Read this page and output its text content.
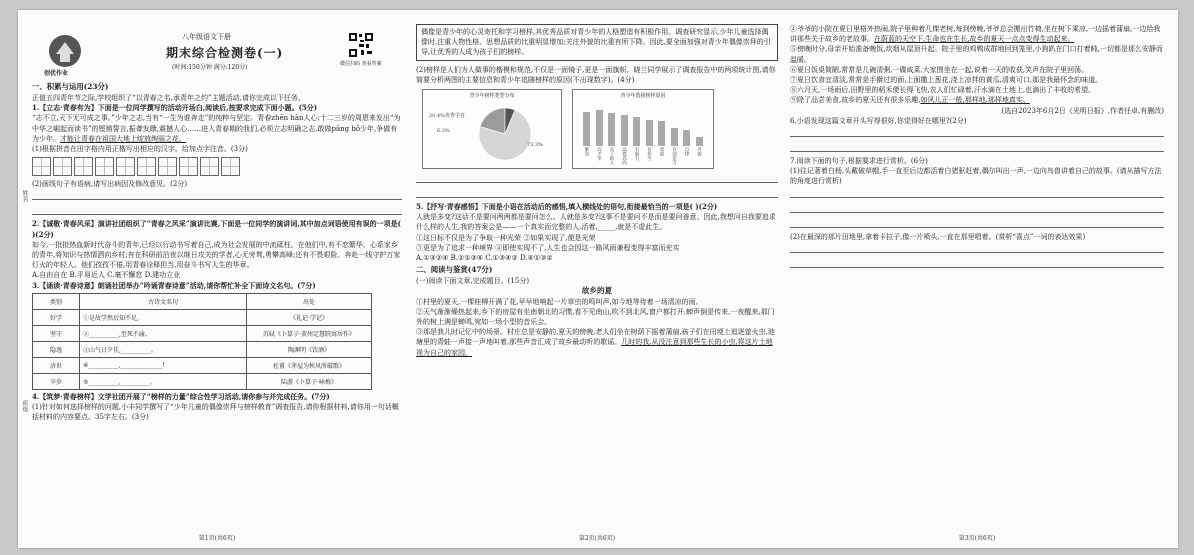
姓名
班级
创优作业
八年级语文下册
期末综合检测卷(一)
(时间:150分钟 满分:120分)	微信扫码 查看答案

一、积累与运用(23分)

正值五四青年节之际,学校组织了“以青春之名,承青年之约”主题活动,请你完成以下任务。

1.【立志·青春有为】下面是一位同学撰写的活动开场白,阅读后,按要求完成下面小题。(5分)

“志不立,天下无可成之事。”少年之志,当有“一生为谁奔走”的纯粹与坚定。青春zhēn hàn人心;十二三岁的周恩来发出“为中华之崛起而读书”的铿锵誓言,振聋发聩,震撼人心……进入青春期的我们,必须立志明确之志,敢做pāng bō少年,争做有为少年。才能让青春在祖国大地上绽放绚丽之花。

(1)根据拼音在田字格内用正楷写出相应的汉字。给加点字注音。(3分)

(2)画线句子有语病,请写出病因及修改意见。(2分)

2.【诚敬·青春风采】演讲社团组织了“青春之风采”演讲比赛,下面是一位同学的演讲词,其中加点词语使用有误的一项是( )(2分)

如今,一批批热血新时代奋斗的青年,已经以行动书写着自己,成为社会发展的中流砥柱。在他们中,有不恋繁华、心系家乡的青年,将知识与热情洒向乡村;有在科研前沿夜以继日攻关的学者,心无旁骛,勇攀高峰;还有不畏艰险、奔赴一线守护万家灯火的年轻人。他们孜孜不倦,用青春诠释担当,用奋斗书写人生的华章。

A.自由自在 B.平易近人 C.毫不懈怠 D.建功立业

3.【诵读·青春诗意】朗诵社团举办“吟诵青春诗意”活动,请你帮忙补全下面诗文名句。(7分)

类别	古诗文名句	出处
好学	①是故学然后知不足,	《礼记·学记》
坚守	②__________,至死不渝。	苏轼《卜算子·黄州定慧院寓居作》
隐逸	③山气日夕佳,__________。	陶渊明《饮酒》
济世	④__________,______________!	杜甫《茅屋为秋风所破歌》
卒岁	⑤__________,__________。	陆游《卜算子·咏梅》

4.【筑梦·青春榜样】文学社团开展了“榜样的力量”综合性学习活动,请你参与并完成任务。(7分)

(1)针对如何选择榜样的问题,小丰同学撰写了“少年儿童的偶像崇拜与榜样教育”调查报告,请你根据材料,请你用一句话概括材料的内容要点。35字左右。(3分)

第1页(共6页)

偶像是青少年的心灵寄托和学习榜样,其优秀品质对青少年的人格塑造有积极作用。调查研究显示,少年儿童选择偶像时,注重人物性格、思想品质的比重明显增加;关注外貌的比重有所下降。因此,要全面加强对青少年偶像崇拜的引导,让优秀的人成为孩子们的榜样。

(2)榜样是人们为人做事的楷模和规范,不仅是一面镜子,更是一面旗帜。晓兰同学展示了调查报告中的两项统计图,请你简要分析两图的主要信息和青少年追随榜样的原因(不出现数字)。(4分)

青少年榜样类型分布
20.4%优秀学者
6.3%
73.3%
青少年选择榜样原因
勤奋 有才华 乐于助人 品德高尚 有毅力 有担当 勇敢 有创造力 自律 外貌

5.【抒写·青春感悟】下面是小语在活动后的感悟,填入横线处的语句,衔接最恰当的一项是( )(2分)

人就是多变?这话不是要问两两都是要问怎么。人就是多变?这事不是要问不是而是要问善意。因此,我想问自我要追求什么样的人生,我的答案会是——一个真实而完整的人,活着,_____,就是不虚此生。

①这日标不仅是为了争取一种光荣 ②如果实现了,便是光荣
③更是为了追求一种境界 ④即使实现不了,人生也会因这一路风雨兼程变得丰富而充实

A.①③②④ B.②①③④ C.①③④② D.④①③②

二、阅读与鉴赏(47分)

(一)阅读下面文章,完成题目。(15分)

故乡的夏

①村里的夏天,一棵桂柳开满了花,早早地响起一片草虫的鸣叫声,如今地等待着一场清凉的雨。

②天气渐渐燥热起来,乡下的房屋有坐南朝北的习惯,看不见南山,吹不到北风,窗户都打开,蝉声倒是传来,一夜醒来,那门外的树上满是蝉鸣,宛如一场小型的音乐会。

③那是我儿时记忆中的场景。村庄总是安静的,夏天的傍晚,老人们坐在树荫下摇着蒲扇,孩子们在田埂上追逐萤火虫,池塘里的青蛙一声接一声地叫着,那些声音汇成了故乡最动听的歌谣。几时的我,从没注意到那些生长的小虫,将这片土地视为自己的家园。

第2页(共6页)

④爷爷的小院在夏日里格外热闹,院子里种着几棵老树,每到傍晚,爷爷总会搬出竹椅,坐在树下乘凉,一边摇着蒲扇,一边给我讲那些关于故乡的老故事。在蔚蓝的天空下,生命也在生长,故乡的夏天一点点变得生动起来。

⑤傍晚时分,母亲开始准备晚饭,炊烟从屋顶升起。院子里的鸡鸭成群地回到笼里,小狗趴在门口打着盹,一切都是那么安静而温暖。

⑥夏日饭桌简陋,常常是几碗清粥,一碟咸菜,大家围坐在一起,说着一天的收获,笑声在院子里回荡。

⑦夏日饮食宜清淡,常常是手擀过的面,上面撒上葱花,浇上凉拌的黄瓜,清爽可口,那是我最怀念的味道。

⑧六月天,一场雨后,田野里的稻禾便长得飞快,农人们忙碌着,汗水滴在土地上,也滴出了丰收的希望。

⑨除了品尝美食,故乡的夏天还有很多乐趣,如风儿正一般,那样地,那样地真实。

(选自2023年6月2日《光明日报》,作者任卓,有删改)

6.小语发现这篇文章开头写得很好,你觉得好在哪里?(2分)

7.阅读下面的句子,根据要求进行赏析。(6分)

(1)往记著着白杨,头戴破草帽,手一直至后边都活着白猪驱赶着,偶尔叫出一声,一边向鸟兽讲着自己的故事。(请从描写方法的角度进行赏析)

(2)在最深的那片田地里,拿着卡拉子,像一片喷头,一直在那里唱着。(赏析“喜点”一词的表达效果)

第3页(共6页)
